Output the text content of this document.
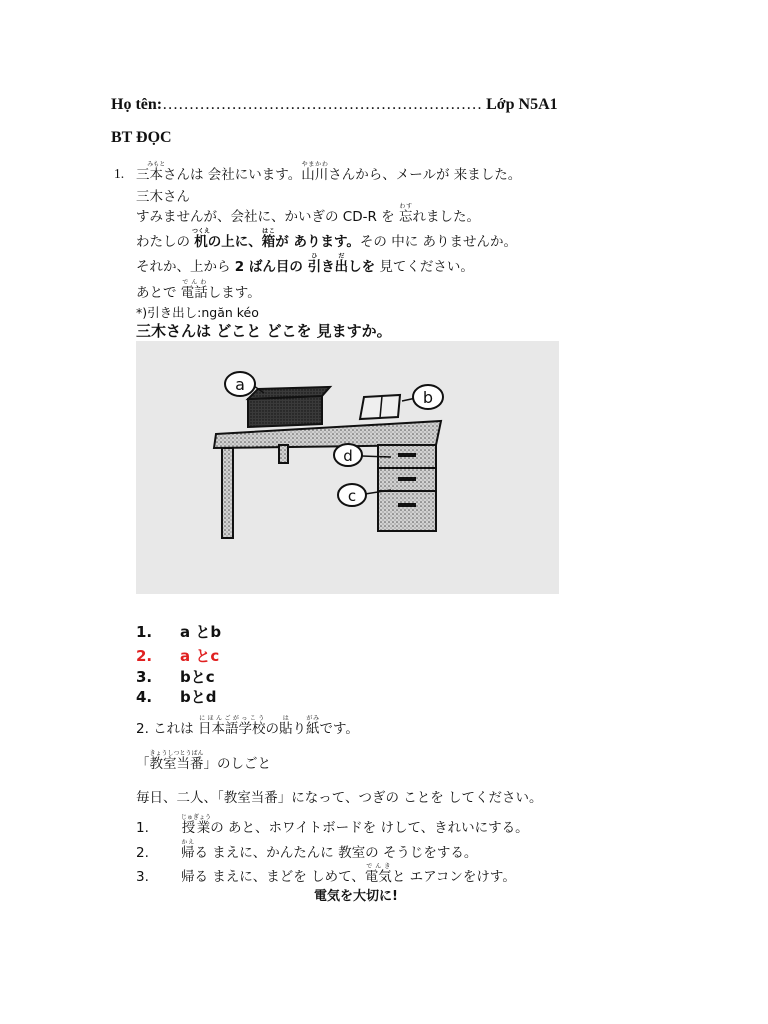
Họ tên:…………………………………………………… Lớp N5A1
BT ĐỌC
1. 三本みもとさんは 会社にいます。山川やまかわさんから、メールが 来ました。
三木さん
すみませんが、会社に、かいぎの CD-R を 忘わすれました。
わたしの 机つくえの上に、箱はこが あります。その 中に ありませんか。
それか、上から 2 ばん目の 引ひき出だしを 見てください。
あとで 電話でんわします。
*)引き出し:ngăn kéo
三木さんは どこと どこを 見ますか。
a
b
d
c
1. a とb
2. a とc
3. bとc
4. bとd
2. これは 日本語学校にほんごがっこうの貼はり紙がみです。
「教室当番きょうしつとうばん」のしごと
毎日、二人、「教室当番」になって、つぎの ことを してください。
1. 授業じゅぎょうの あと、ホワイトボードを けして、きれいにする。
2. 帰かえる まえに、かんたんに 教室の そうじをする。
3. 帰る まえに、まどを しめて、電気でんきと エアコンをけす。
電気を大切に!
